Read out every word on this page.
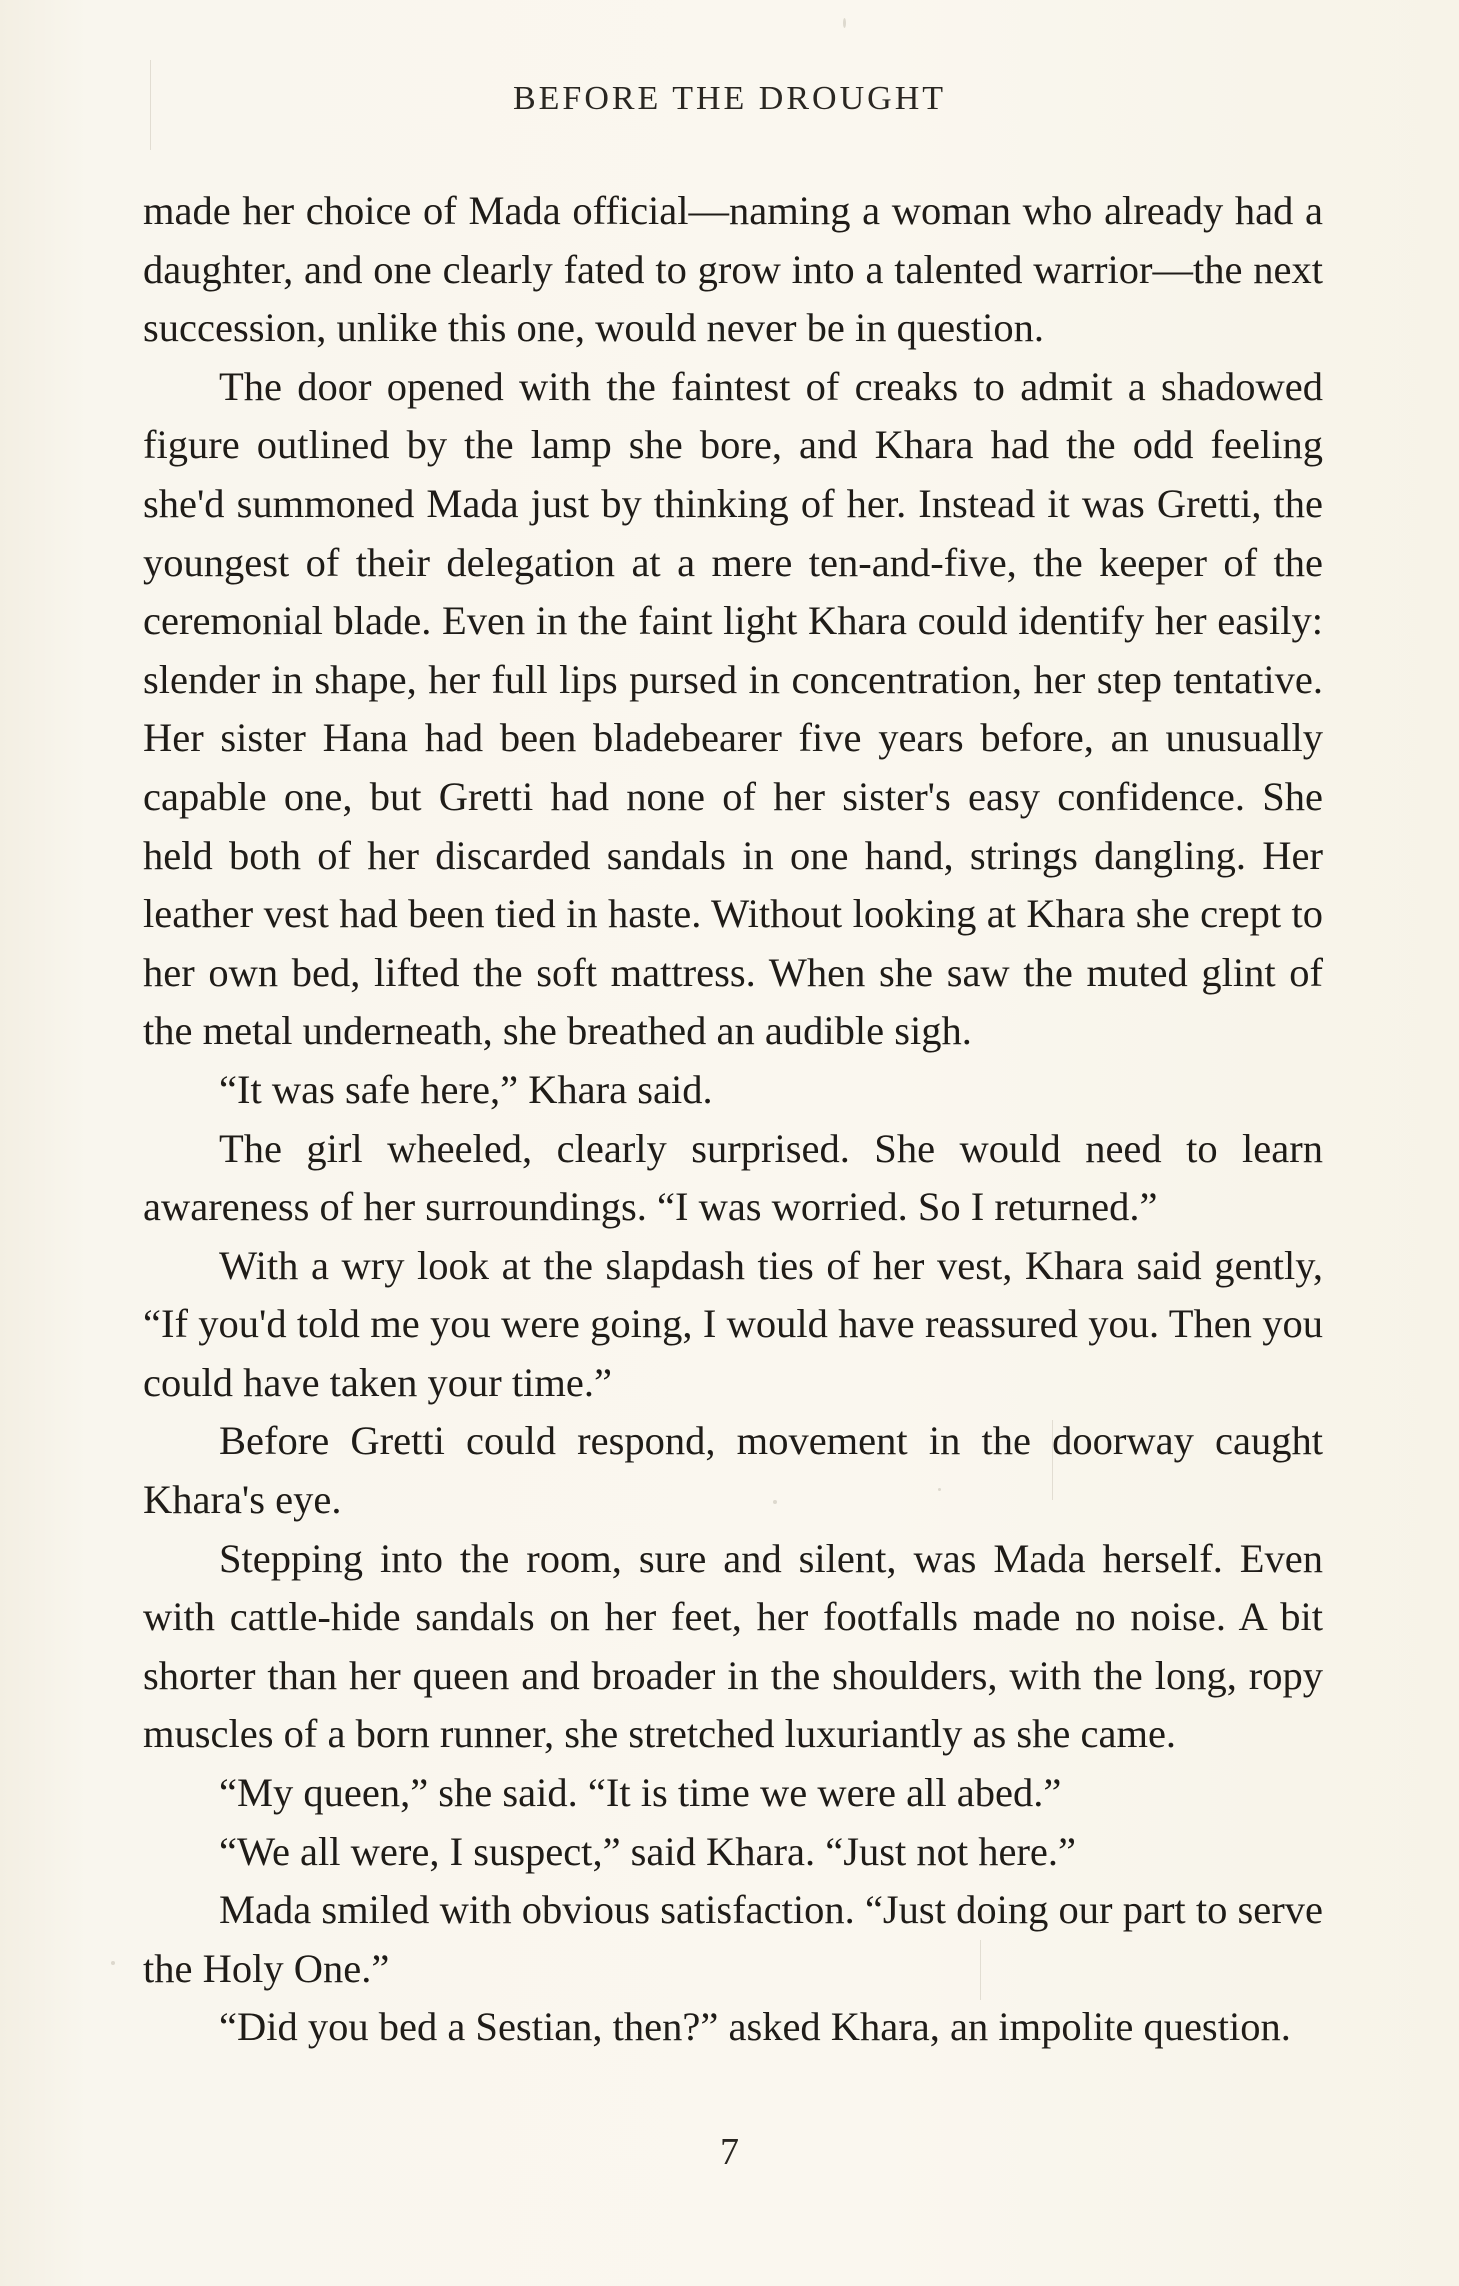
BEFORE THE DROUGHT

made her choice of Mada official—naming a woman who already had a daughter, and one clearly fated to grow into a talented warrior—the next succession, unlike this one, would never be in question.

The door opened with the faintest of creaks to admit a shadowed figure outlined by the lamp she bore, and Khara had the odd feeling she'd summoned Mada just by thinking of her. Instead it was Gretti, the youngest of their delegation at a mere ten-and-five, the keeper of the ceremonial blade. Even in the faint light Khara could identify her easily: slender in shape, her full lips pursed in concentration, her step tentative. Her sister Hana had been bladebearer five years before, an unusually capable one, but Gretti had none of her sister's easy confidence. She held both of her discarded sandals in one hand, strings dangling. Her leather vest had been tied in haste. Without looking at Khara she crept to her own bed, lifted the soft mattress. When she saw the muted glint of the metal underneath, she breathed an audible sigh.

“It was safe here,” Khara said.

The girl wheeled, clearly surprised. She would need to learn awareness of her surroundings. “I was worried. So I returned.”

With a wry look at the slapdash ties of her vest, Khara said gently, “If you'd told me you were going, I would have reassured you. Then you could have taken your time.”

Before Gretti could respond, movement in the doorway caught Khara's eye.

Stepping into the room, sure and silent, was Mada herself. Even with cattle-hide sandals on her feet, her footfalls made no noise. A bit shorter than her queen and broader in the shoulders, with the long, ropy muscles of a born runner, she stretched luxuriantly as she came.

“My queen,” she said. “It is time we were all abed.”

“We all were, I suspect,” said Khara. “Just not here.”

Mada smiled with obvious satisfaction. “Just doing our part to serve the Holy One.”

“Did you bed a Sestian, then?” asked Khara, an impolite question.

7
